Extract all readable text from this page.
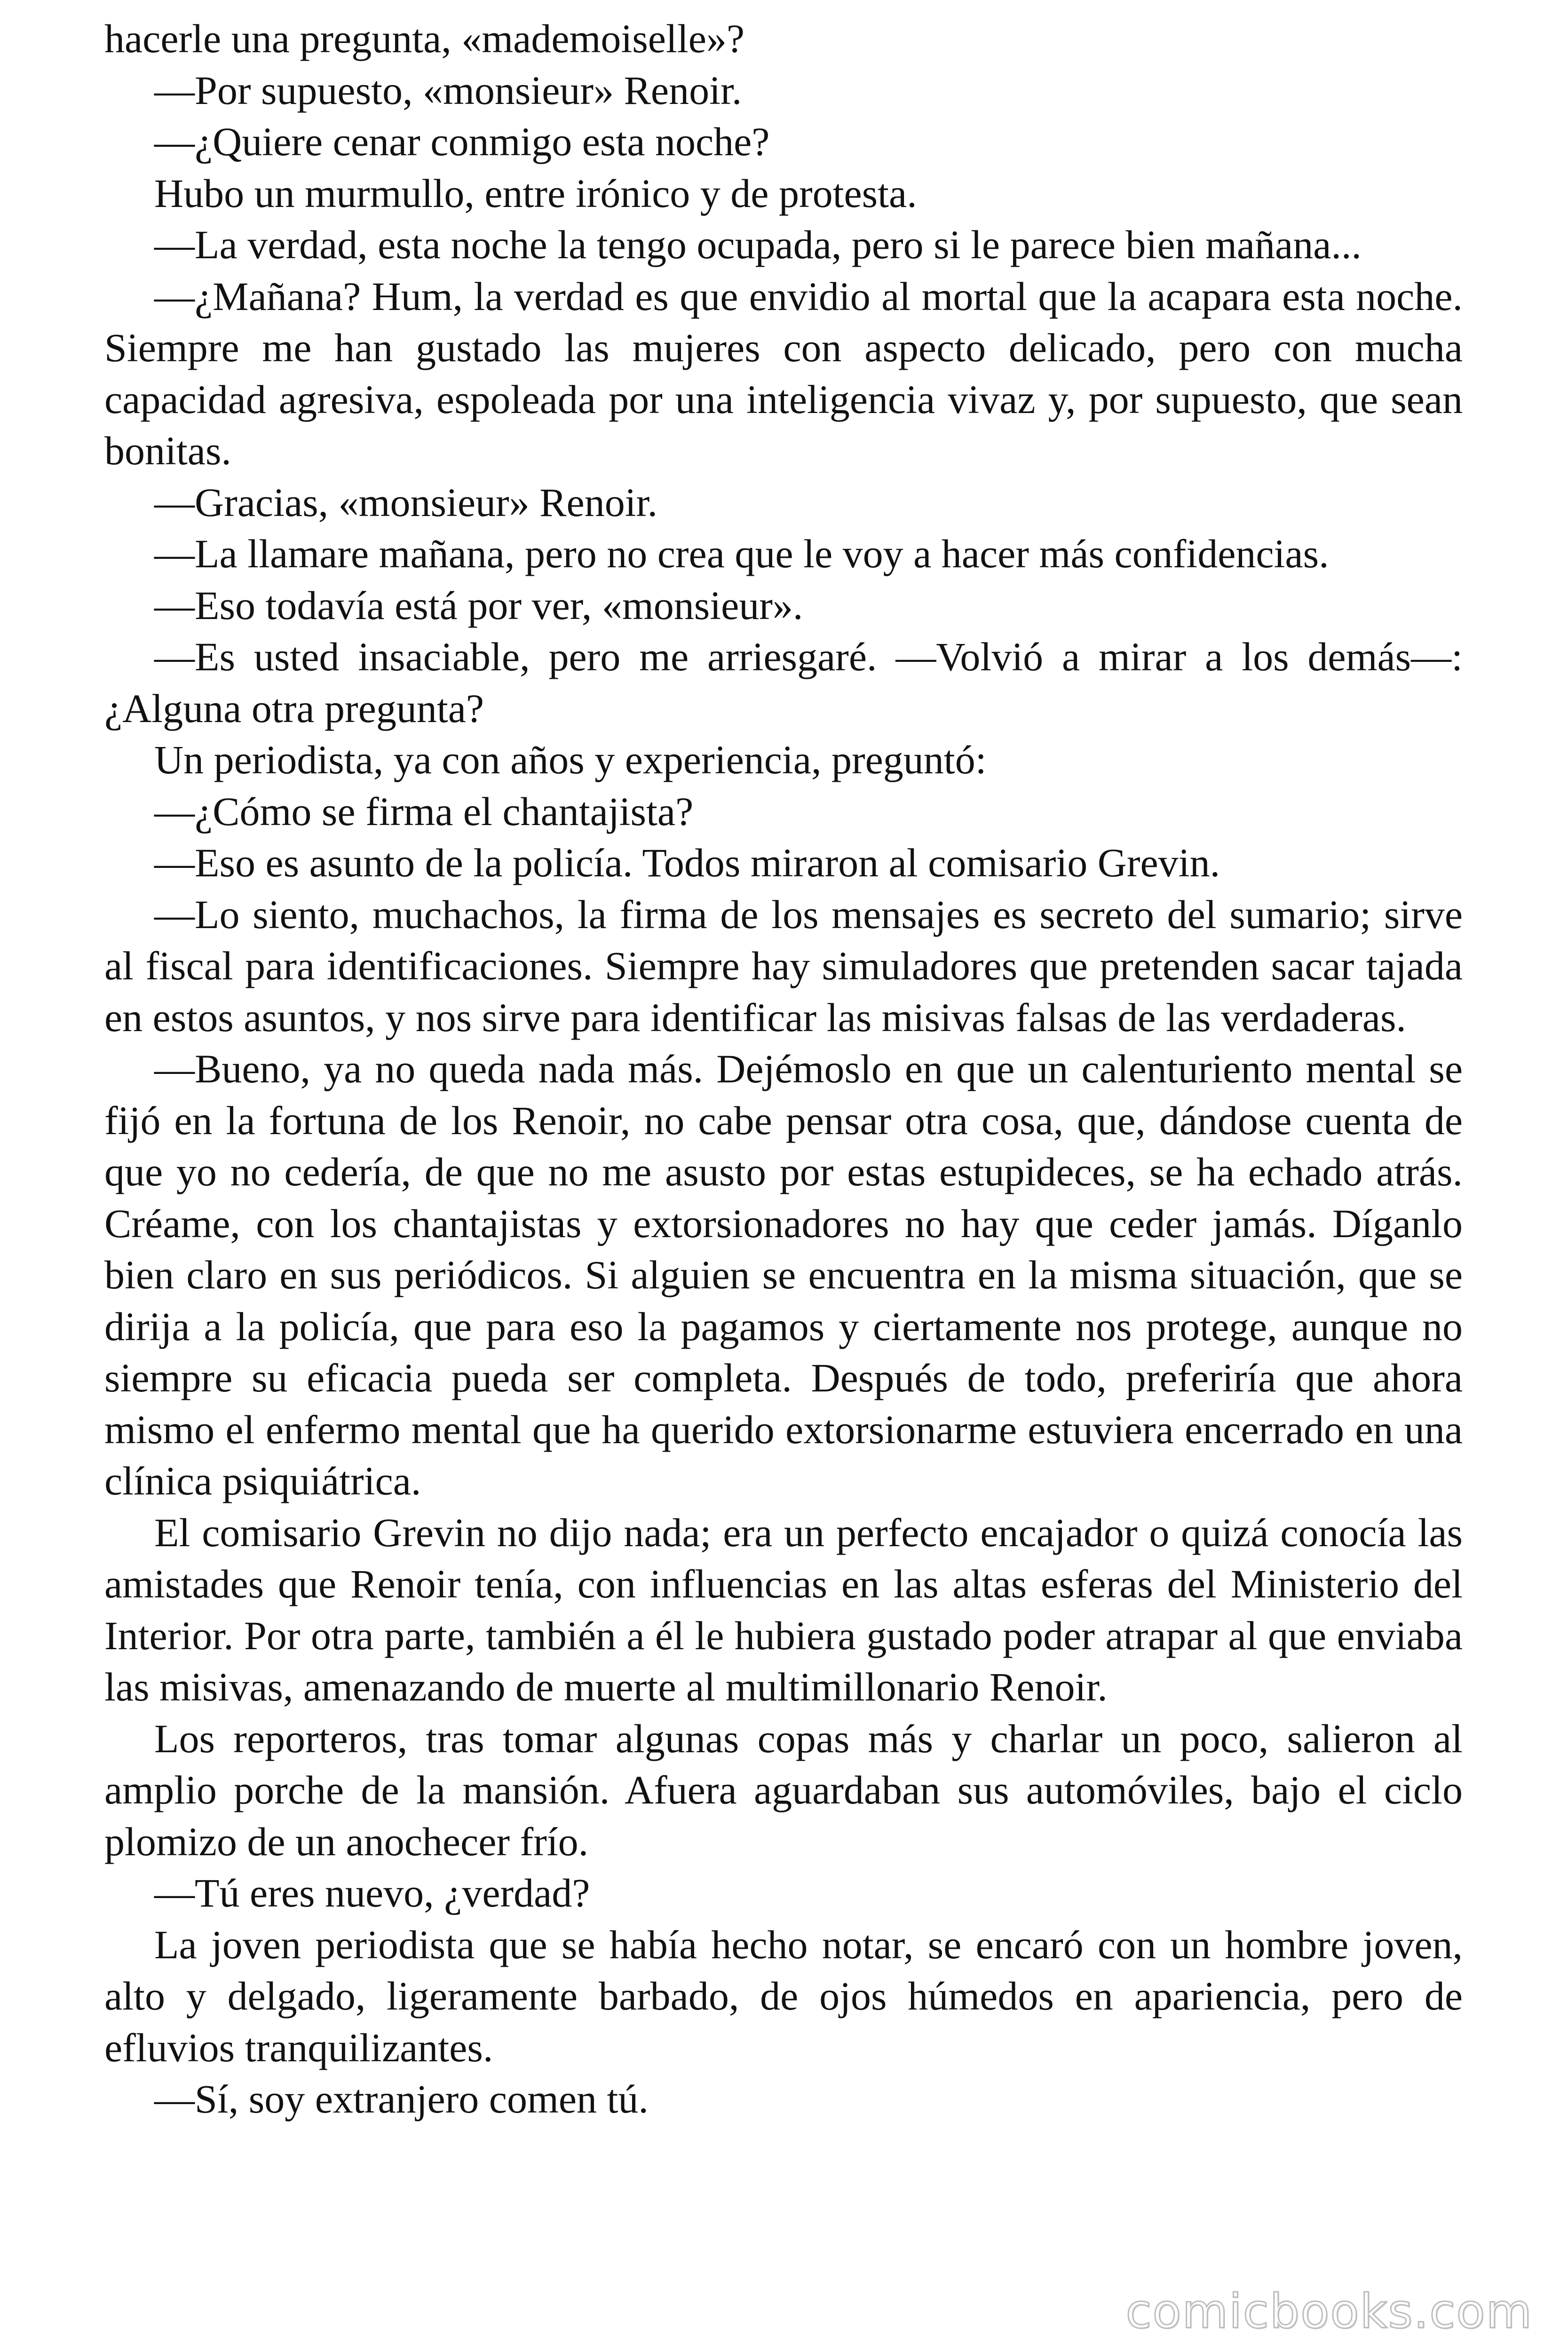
hacerle una pregunta, «mademoiselle»?

—Por supuesto, «monsieur» Renoir.

—¿Quiere cenar conmigo esta noche?

Hubo un murmullo, entre irónico y de protesta.

—La verdad, esta noche la tengo ocupada, pero si le parece bien mañana...

—¿Mañana? Hum, la verdad es que envidio al mortal que la acapara esta noche. Siempre me han gustado las mujeres con aspecto delicado, pero con mucha capacidad agresiva, espoleada por una inteligencia vivaz y, por supuesto, que sean bonitas.

—Gracias, «monsieur» Renoir.

—La llamare mañana, pero no crea que le voy a hacer más confidencias.

—Eso todavía está por ver, «monsieur».

—Es usted insaciable, pero me arriesgaré. —Volvió a mirar a los demás—: ¿Alguna otra pregunta?

Un periodista, ya con años y experiencia, preguntó:

—¿Cómo se firma el chantajista?

—Eso es asunto de la policía. Todos miraron al comisario Grevin.

—Lo siento, muchachos, la firma de los mensajes es secreto del sumario; sirve al fiscal para identificaciones. Siempre hay simuladores que pretenden sacar tajada en estos asuntos, y nos sirve para identificar las misivas falsas de las verdaderas.

—Bueno, ya no queda nada más. Dejémoslo en que un calenturiento mental se fijó en la fortuna de los Renoir, no cabe pensar otra cosa, que, dándose cuenta de que yo no cedería, de que no me asusto por estas estupideces, se ha echado atrás. Créame, con los chantajistas y extorsionadores no hay que ceder jamás. Díganlo bien claro en sus periódicos. Si alguien se encuentra en la misma situación, que se dirija a la policía, que para eso la pagamos y ciertamente nos protege, aunque no siempre su eficacia pueda ser completa. Después de todo, preferiría que ahora mismo el enfermo mental que ha querido extorsionarme estuviera encerrado en una clínica psiquiátrica.

El comisario Grevin no dijo nada; era un perfecto encajador o quizá conocía las amistades que Renoir tenía, con influencias en las altas esferas del Ministerio del Interior. Por otra parte, también a él le hubiera gustado poder atrapar al que enviaba las misivas, amenazando de muerte al multimillonario Renoir.

Los reporteros, tras tomar algunas copas más y charlar un poco, salieron al amplio porche de la mansión. Afuera aguardaban sus automóviles, bajo el ciclo plomizo de un anochecer frío.

—Tú eres nuevo, ¿verdad?

La joven periodista que se había hecho notar, se encaró con un hombre joven, alto y delgado, ligeramente barbado, de ojos húmedos en apariencia, pero de efluvios tranquilizantes.

—Sí, soy extranjero comen tú.

comicbooks.com
